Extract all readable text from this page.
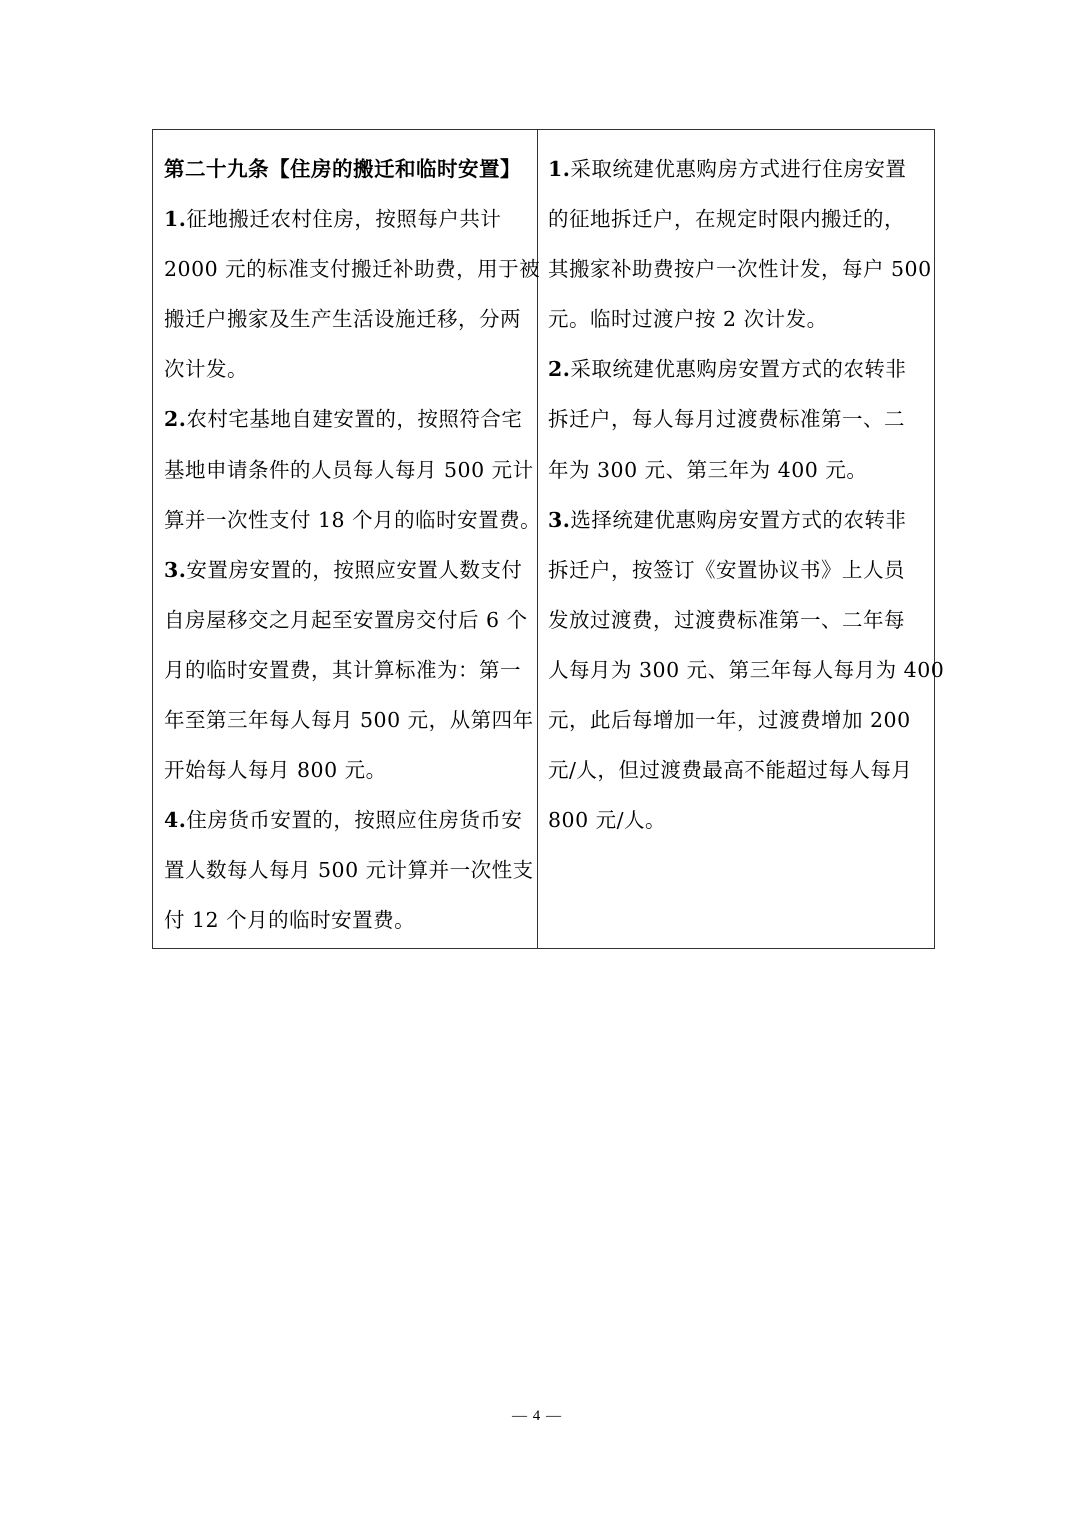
第二十九条【住房的搬迁和临时安置】
1.征地搬迁农村住房，按照每户共计
2000 元的标准支付搬迁补助费，用于被
搬迁户搬家及生产生活设施迁移，分两
次计发。
2.农村宅基地自建安置的，按照符合宅
基地申请条件的人员每人每月 500 元计
算并一次性支付 18 个月的临时安置费。
3.安置房安置的，按照应安置人数支付
自房屋移交之月起至安置房交付后 6 个
月的临时安置费，其计算标准为：第一
年至第三年每人每月 500 元，从第四年
开始每人每月 800 元。
4.住房货币安置的，按照应住房货币安
置人数每人每月 500 元计算并一次性支
付 12 个月的临时安置费。
1.采取统建优惠购房方式进行住房安置
的征地拆迁户，在规定时限内搬迁的，
其搬家补助费按户一次性计发，每户 500
元。临时过渡户按 2 次计发。
2.采取统建优惠购房安置方式的农转非
拆迁户，每人每月过渡费标准第一、二
年为 300 元、第三年为 400 元。
3.选择统建优惠购房安置方式的农转非
拆迁户，按签订《安置协议书》上人员
发放过渡费，过渡费标准第一、二年每
人每月为 300 元、第三年每人每月为 400
元，此后每增加一年，过渡费增加 200
元/人，但过渡费最高不能超过每人每月
800 元/人。
— 4 —
